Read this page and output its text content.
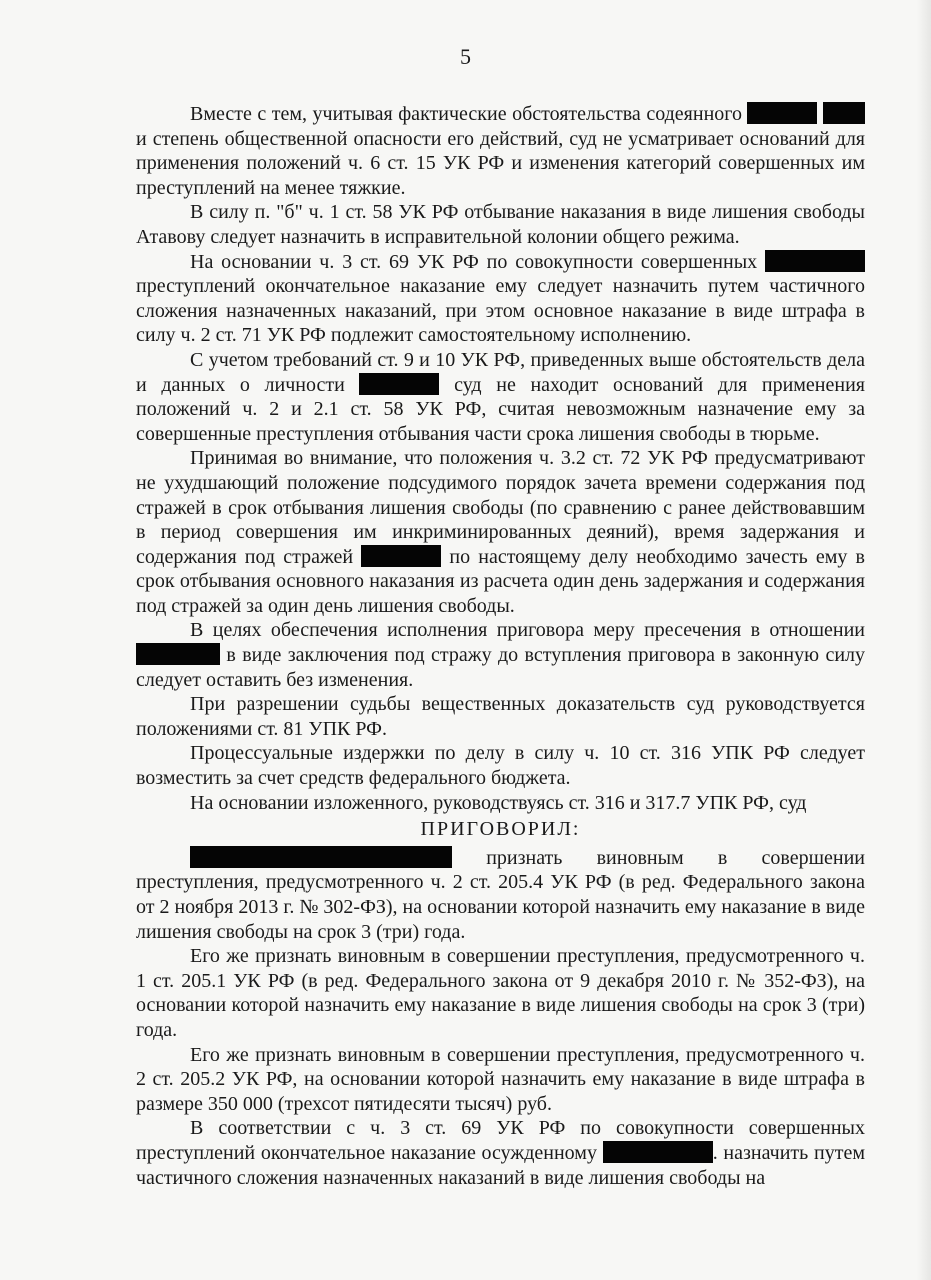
5

Вместе с тем, учитывая фактические обстоятельства содеянного   и степень общественной опасности его действий, суд не усматривает оснований для применения положений ч. 6 ст. 15 УК РФ и изменения категорий совершенных им преступлений на менее тяжкие.

В силу п. "б" ч. 1 ст. 58 УК РФ отбывание наказания в виде лишения свободы Атавову следует назначить в исправительной колонии общего режима.

На основании ч. 3 ст. 69 УК РФ по совокупности совершенных  преступлений окончательное наказание ему следует назначить путем частичного сложения назначенных наказаний, при этом основное наказание в виде штрафа в силу ч. 2 ст. 71 УК РФ подлежит самостоятельному исполнению.

С учетом требований ст. 9 и 10 УК РФ, приведенных выше обстоятельств дела и данных о личности	суд не находит оснований для применения положений ч. 2 и 2.1 ст. 58 УК РФ, считая невозможным назначение ему за совершенные преступления отбывания части срока лишения свободы в тюрьме.

Принимая во внимание, что положения ч. 3.2 ст. 72 УК РФ предусматривают не ухудшающий положение подсудимого порядок зачета времени содержания под стражей в срок отбывания лишения свободы (по сравнению с ранее действовавшим в период совершения им инкриминированных деяний), время задержания и содержания под стражей	по настоящему делу необходимо зачесть ему в срок отбывания основного наказания из расчета один день задержания и содержания под стражей за один день лишения свободы.

В целях обеспечения исполнения приговора меру пресечения в отношении  в виде заключения под стражу до вступления приговора в законную силу следует оставить без изменения.

При разрешении судьбы вещественных доказательств суд руководствуется положениями ст. 81 УПК РФ.

Процессуальные издержки по делу в силу ч. 10 ст. 316 УПК РФ следует возместить за счет средств федерального бюджета.

На основании изложенного, руководствуясь ст. 316 и 317.7 УПК РФ, суд

ПРИГОВОРИЛ:

признать виновным в совершении преступления, предусмотренного ч. 2 ст. 205.4 УК РФ (в ред. Федерального закона от 2 ноября 2013 г. № 302-ФЗ), на основании которой назначить ему наказание в виде лишения свободы на срок 3 (три) года.

Его же признать виновным в совершении преступления, предусмотренного ч. 1 ст. 205.1 УК РФ (в ред. Федерального закона от 9 декабря 2010 г. № 352-ФЗ), на основании которой назначить ему наказание в виде лишения свободы на срок 3 (три) года.

Его же признать виновным в совершении преступления, предусмотренного ч. 2 ст. 205.2 УК РФ, на основании которой назначить ему наказание в виде штрафа в размере 350 000 (трехсот пятидесяти тысяч) руб.

В соответствии с ч. 3 ст. 69 УК РФ по совокупности совершенных преступлений окончательное наказание осужденному	. назначить путем частичного сложения назначенных наказаний в виде лишения свободы на
